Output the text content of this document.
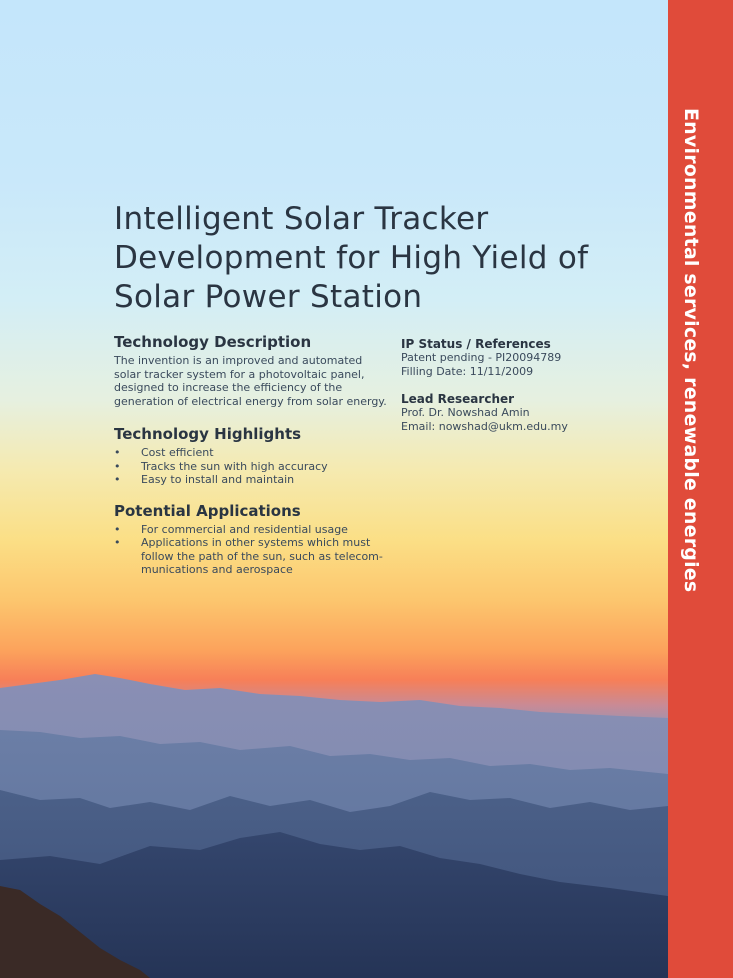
Environmental services, renewable energies
Intelligent Solar Tracker Development for High Yield of Solar Power Station
Technology Description

The invention is an improved and automated solar tracker system for a photovoltaic panel, designed to increase the efficiency of the generation of electrical energy from solar energy.

Technology Highlights
• Cost efficient
• Tracks the sun with high accuracy
• Easy to install and maintain
Potential Applications
• For commercial and residential usage
• Applications in other systems which must follow the path of the sun, such as telecom-munications and aerospace
IP Status / References

Patent pending - PI20094789

Filling Date: 11/11/2009

Lead Researcher

Prof. Dr. Nowshad Amin

Email: nowshad@ukm.edu.my
